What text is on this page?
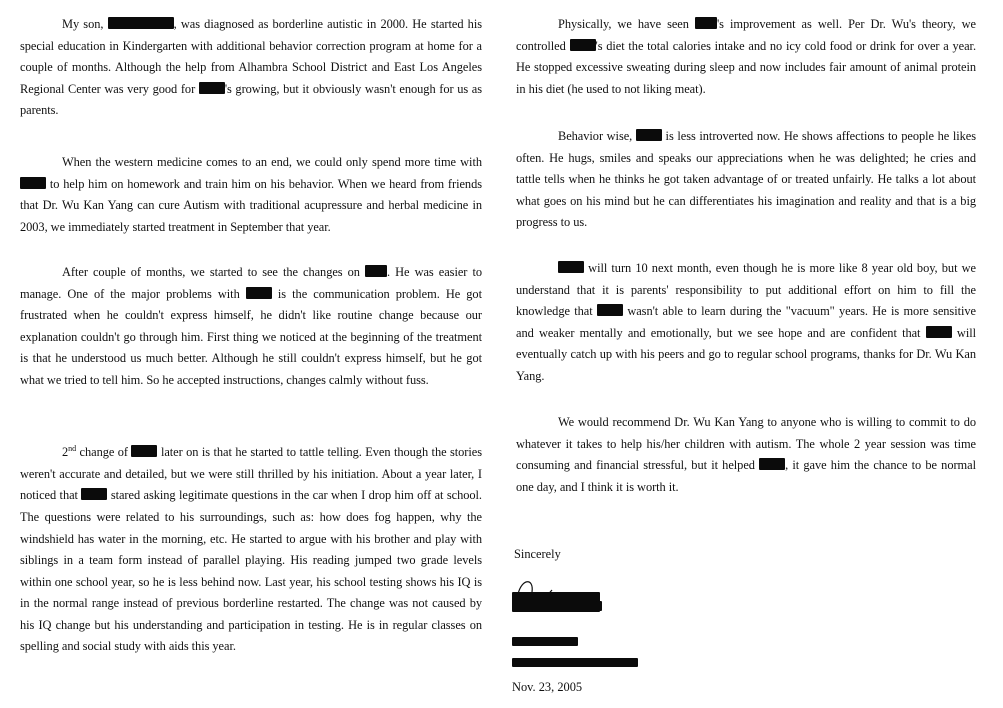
My son,	, was diagnosed as borderline autistic in 2000. He started his special education in Kindergarten with additional behavior correction program at home for a couple of months. Although the help from Alhambra School District and East Los Angeles Regional Center was very good for 's growing, but it obviously wasn't enough for us as parents.

When the western medicine comes to an end, we could only spend more time with  to help him on homework and train him on his behavior. When we heard from friends that Dr. Wu Kan Yang can cure Autism with traditional acupressure and herbal medicine in 2003, we immediately started treatment in September that year.

After couple of months, we started to see the changes on . He was easier to manage. One of the major problems with	is the communication problem. He got frustrated when he couldn't express himself, he didn't like routine change because our explanation couldn't go through him. First thing we noticed at the beginning of the treatment is that he understood us much better. Although he still couldn't express himself, but he got what we tried to tell him. So he accepted instructions, changes calmly without fuss.

2nd change of	later on is that he started to tattle telling. Even though the stories weren't accurate and detailed, but we were still thrilled by his initiation. About a year later, I noticed that	stared asking legitimate questions in the car when I drop him off at school. The questions were related to his surroundings, such as: how does fog happen, why the windshield has water in the morning, etc. He started to argue with his brother and play with siblings in a team form instead of parallel playing. His reading jumped two grade levels within one school year, so he is less behind now. Last year, his school testing shows his IQ is in the normal range instead of previous borderline restarted. The change was not caused by his IQ change but his understanding and participation in testing. He is in regular classes on spelling and social study with aids this year.

Physically, we have seen 's improvement as well. Per Dr. Wu's theory, we controlled 's diet the total calories intake and no icy cold food or drink for over a year. He stopped excessive sweating during sleep and now includes fair amount of animal protein in his diet (he used to not liking meat).

Behavior wise,	is less introverted now. He shows affections to people he likes often. He hugs, smiles and speaks our appreciations when he was delighted; he cries and tattle tells when he thinks he got taken advantage of or treated unfairly. He talks a lot about what goes on his mind but he can differentiates his imagination and reality and that is a big progress to us.

will turn 10 next month, even though he is more like 8 year old boy, but we understand that it is parents' responsibility to put additional effort on him to fill the knowledge that	wasn't able to learn during the "vacuum" years. He is more sensitive and weaker mentally and emotionally, but we see hope and are confident that	will eventually catch up with his peers and go to regular school programs, thanks for Dr. Wu Kan Yang.

We would recommend Dr. Wu Kan Yang to anyone who is willing to commit to do whatever it takes to help his/her children with autism. The whole 2 year session was time consuming and financial stressful, but it helped , it gave him the chance to be normal one day, and I think it is worth it.

Sincerely
Nov. 23, 2005
